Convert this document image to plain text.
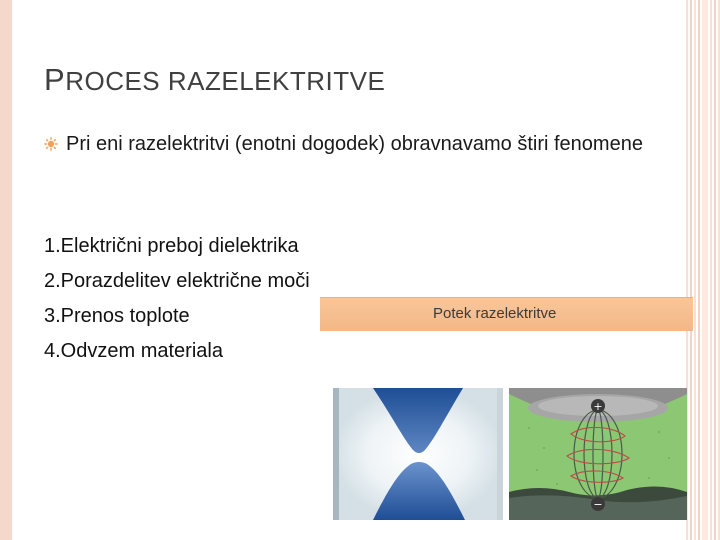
PROCES RAZELEKTRITVE
Pri eni razelektritvi (enotni dogodek) obravnavamo štiri fenomene
1.Električni preboj dielektrika
2.Porazdelitev električne moči
3.Prenos toplote
4.Odvzem materiala
Potek razelektritve
+
−
